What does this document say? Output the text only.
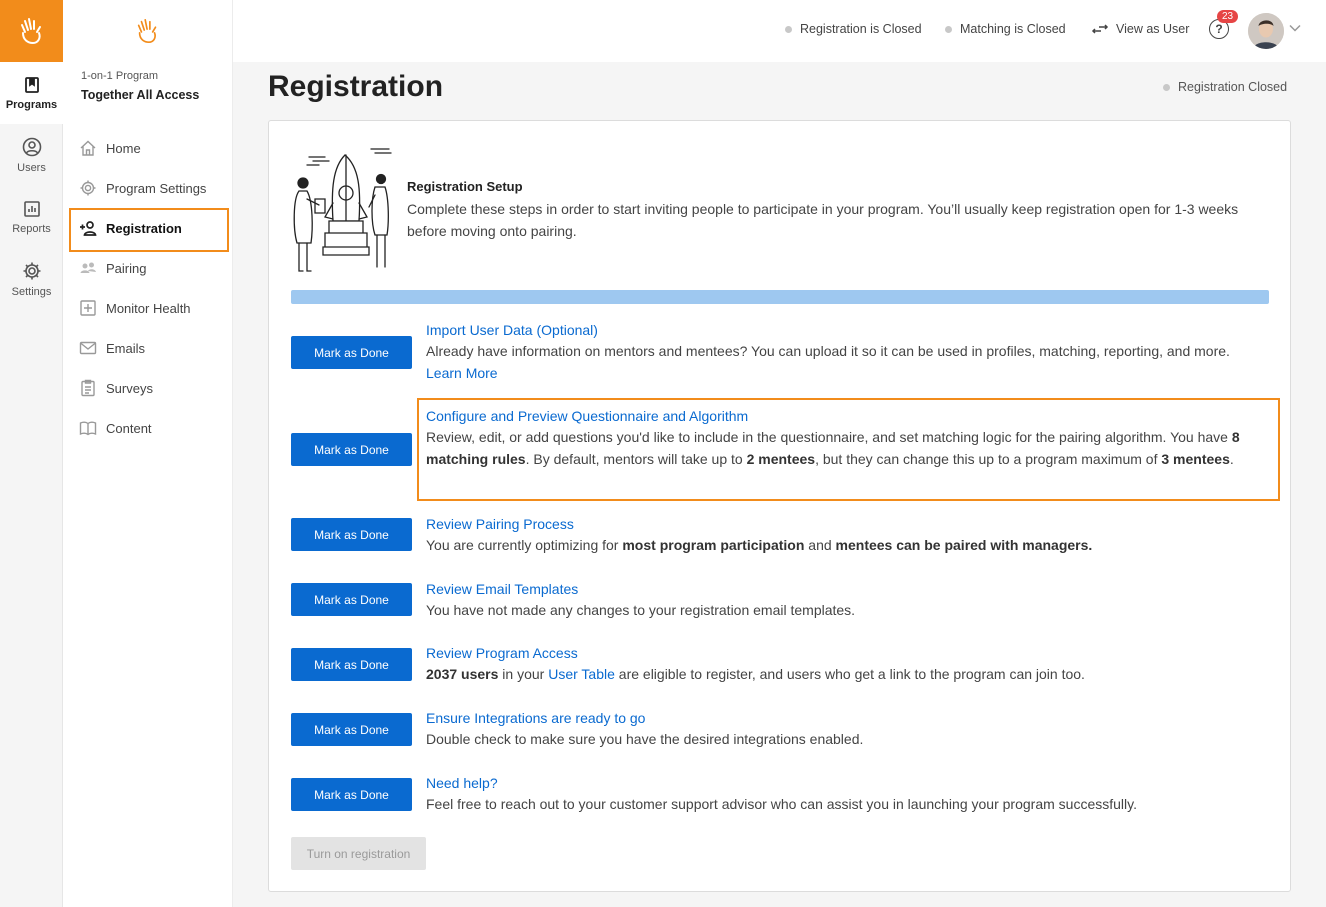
Programs
Users
Reports
Settings
1-on-1 Program
Together All Access
Home
Program Settings
Registration
Pairing
Monitor Health
Emails
Surveys
Content
Registration is Closed	Matching is Closed	View as User	?
23
Registration	Registration Closed
Registration Setup
Complete these steps in order to start inviting people to participate in your program. You’ll usually keep registration open for 1-3 weeks before moving onto pairing.
Mark as Done
Import User Data (Optional)
Already have information on mentors and mentees? You can upload it so it can be used in profiles, matching, reporting, and more.
Learn More
Mark as Done
Configure and Preview Questionnaire and Algorithm
Review, edit, or add questions you'd like to include in the questionnaire, and set matching logic for the pairing algorithm. You have 8 matching rules. By default, mentors will take up to 2 mentees, but they can change this up to a program maximum of 3 mentees.
Mark as Done
Review Pairing Process
You are currently optimizing for most program participation and mentees can be paired with managers.
Mark as Done
Review Email Templates
You have not made any changes to your registration email templates.
Mark as Done
Review Program Access
2037 users in your User Table are eligible to register, and users who get a link to the program can join too.
Mark as Done
Ensure Integrations are ready to go
Double check to make sure you have the desired integrations enabled.
Mark as Done
Need help?
Feel free to reach out to your customer support advisor who can assist you in launching your program successfully.
Turn on registration
